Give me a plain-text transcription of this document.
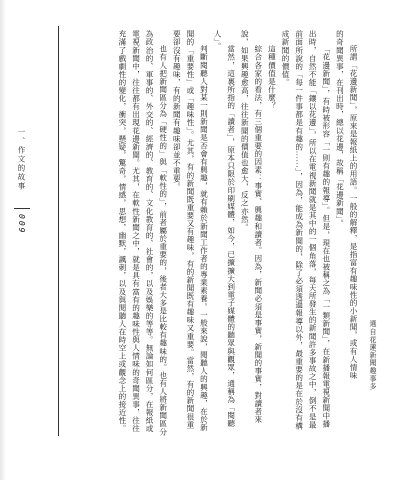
一、作文的故事
009	所謂「花邊新聞」，原來是報紙上的用語。一般的解釋，是指富有趣味性的小新聞，或有人情味

的奇聞異事，在刊出時，總以花邊，故稱「花邊新聞」。

「花邊新聞」，有時被形容「一則有趣的報導」。但是，現在也被稱之為「一類新聞」，在新播報電視新聞中播出時，自然不能「鑲以花邊」，所以在電視新聞就是其中的一個角落，每天所發生的新聞許多事故之中，倒不是最前面所說的「每一件事都是有趣的......」，因為，能成為新聞的，除了必須透過報導以外，最重要的是在於沒有構成新聞的價值。

這種價值是什麼？

綜合各家的看法，有三個重要的因素：事實、興趣和讀者。因為，新聞必須是事實，新聞的事實，對讀者來說，如果興趣愈高，往往新聞的價值也愈大，反之亦然。

當然，這裏所指的「讀者」，原本只限於印刷媒體，如今，已擴擴大到電子媒體的聽眾與觀眾，通稱為「閱聽人」。

判斷閱聽人對某一則新聞是否會有興趣，就有賴於新聞工作者的專業素養。一般來說，閱聽人的興趣，在於新聞的「重要性」或「趣味性」。尤其，有的新聞既重要又有趣味，有的新聞既有趣味又重要。當然，有的新聞很重要卻沒有趣味，有的新聞有趣味卻並不重要。

也有人把新聞區分為「硬性的」與「軟性的」，前者屬於重要的，後者大多是比較有趣味的。也有人將新聞區分為政治的、軍事的、外交的、經濟的、教育的、文化教育的、社會的，以及娛樂的等等。無論如何區分，在報紙或電視新聞中，往往都有出現花邊新聞。尤其，在軟性新聞之中，就是具有富有的趣味性與人情味的奇聞異事，往往充滿了戲劇性的變化，衝突，懸疑，驚奇，情感，思想，幽默，諷刺，以及與閱聽人在時空上或觀念上的接近性。	選自花蓮新聞趣事多
